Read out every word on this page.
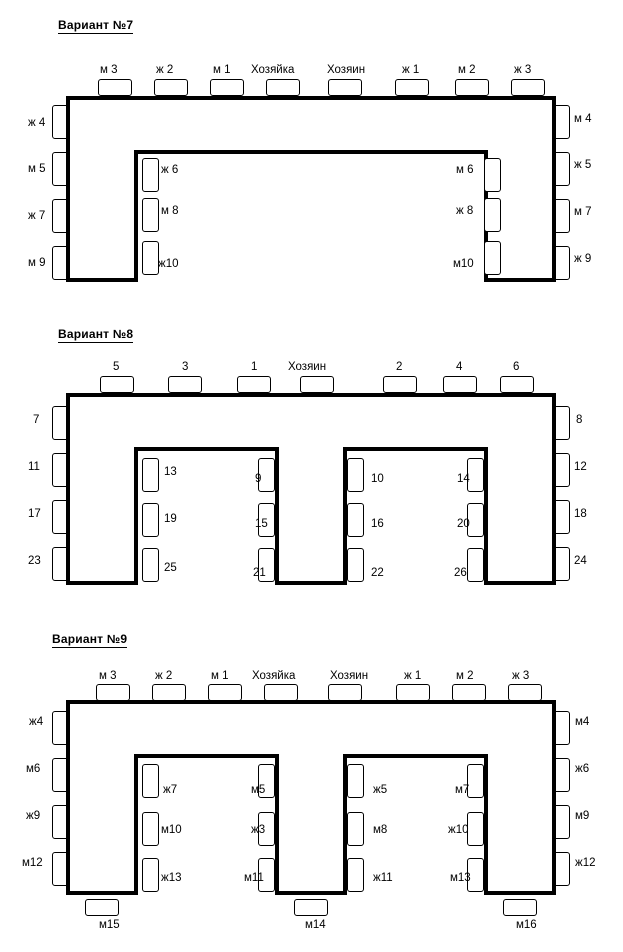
Вариант №7
м 3	ж 2	м 1 Хозяйка	Хозяин	ж 1	м 2	ж 3
ж 4
м 5
ж 7
м 9
м 4
ж 5
м 7
ж 9
ж 6
м 8
ж10
м 6
ж 8
м10
Вариант №8
5	3	1	Хозяин	2	4	6
7
11
17
23
8
12
18
24
13
19
25
9
15
21
10
16
22
14
20
26
Вариант №9
м 3	ж 2	м 1 Хозяйка	Хозяин	ж 1	м 2	ж 3
ж4
м6
ж9
м12
м4
ж6
м9
ж12
ж7
м10
ж13
м5
ж3
м11
ж5
м8
ж11
м7
ж10
м13
м15	м14	м16
